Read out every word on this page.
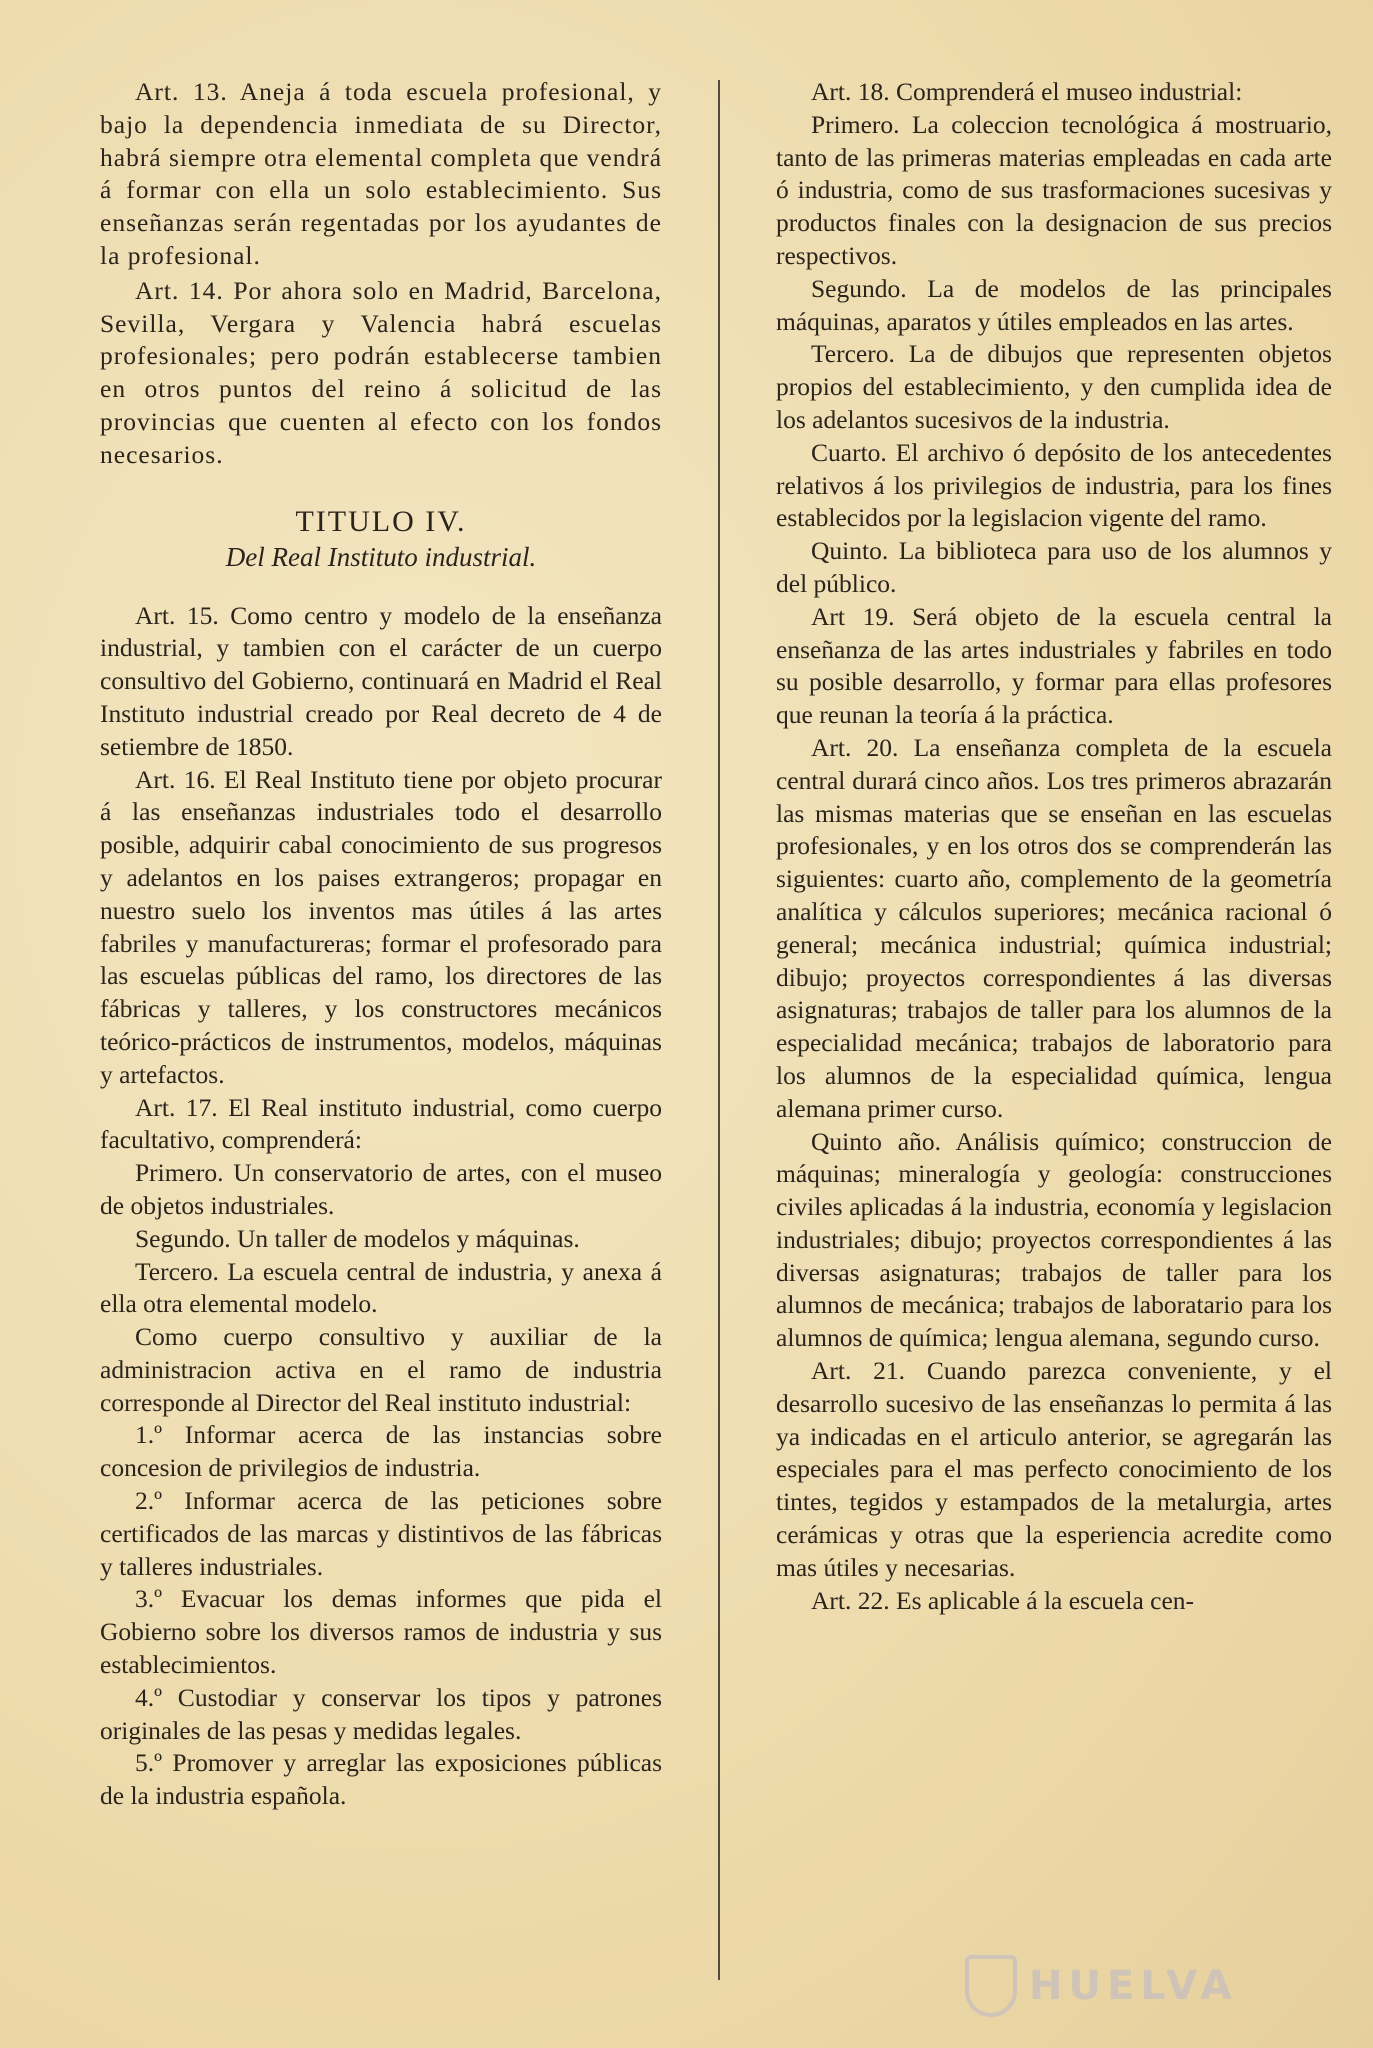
Art. 13. Aneja á toda escuela profesional, y bajo la dependencia inmediata de su Director, habrá siempre otra elemental completa que vendrá á formar con ella un solo establecimiento. Sus enseñanzas serán regentadas por los ayudantes de la profesional.

Art. 14. Por ahora solo en Madrid, Barcelona, Sevilla, Vergara y Valencia habrá escuelas profesionales; pero podrán establecerse tambien en otros puntos del reino á solicitud de las provincias que cuenten al efecto con los fondos necesarios.

TITULO IV.
Del Real Instituto industrial.

Art. 15. Como centro y modelo de la enseñanza industrial, y tambien con el carácter de un cuerpo consultivo del Gobierno, continuará en Madrid el Real Instituto industrial creado por Real decreto de 4 de setiembre de 1850.

Art. 16. El Real Instituto tiene por objeto procurar á las enseñanzas industriales todo el desarrollo posible, adquirir cabal conocimiento de sus progresos y adelantos en los paises extrangeros; propagar en nuestro suelo los inventos mas útiles á las artes fabriles y manufactureras; formar el profesorado para las escuelas públicas del ramo, los directores de las fábricas y talleres, y los constructores mecánicos teórico-prácticos de instrumentos, modelos, máquinas y artefactos.

Art. 17. El Real instituto industrial, como cuerpo facultativo, comprenderá:

Primero. Un conservatorio de artes, con el museo de objetos industriales.

Segundo. Un taller de modelos y máquinas.

Tercero. La escuela central de industria, y anexa á ella otra elemental modelo.

Como cuerpo consultivo y auxiliar de la administracion activa en el ramo de industria corresponde al Director del Real instituto industrial:

1.º Informar acerca de las instancias sobre concesion de privilegios de industria.

2.º Informar acerca de las peticiones sobre certificados de las marcas y distintivos de las fábricas y talleres industriales.

3.º Evacuar los demas informes que pida el Gobierno sobre los diversos ramos de industria y sus establecimientos.

4.º Custodiar y conservar los tipos y patrones originales de las pesas y medidas legales.

5.º Promover y arreglar las exposiciones públicas de la industria española.

Art. 18. Comprenderá el museo industrial:

Primero. La coleccion tecnológica á mostruario, tanto de las primeras materias empleadas en cada arte ó industria, como de sus trasformaciones sucesivas y productos finales con la designacion de sus precios respectivos.

Segundo. La de modelos de las principales máquinas, aparatos y útiles empleados en las artes.

Tercero. La de dibujos que representen objetos propios del establecimiento, y den cumplida idea de los adelantos sucesivos de la industria.

Cuarto. El archivo ó depósito de los antecedentes relativos á los privilegios de industria, para los fines establecidos por la legislacion vigente del ramo.

Quinto. La biblioteca para uso de los alumnos y del público.

Art 19. Será objeto de la escuela central la enseñanza de las artes industriales y fabriles en todo su posible desarrollo, y formar para ellas profesores que reunan la teoría á la práctica.

Art. 20. La enseñanza completa de la escuela central durará cinco años. Los tres primeros abrazarán las mismas materias que se enseñan en las escuelas profesionales, y en los otros dos se comprenderán las siguientes: cuarto año, complemento de la geometría analítica y cálculos superiores; mecánica racional ó general; mecánica industrial; química industrial; dibujo; proyectos correspondientes á las diversas asignaturas; trabajos de taller para los alumnos de la especialidad mecánica; trabajos de laboratorio para los alumnos de la especialidad química, lengua alemana primer curso.

Quinto año. Análisis químico; construccion de máquinas; mineralogía y geología: construcciones civiles aplicadas á la industria, economía y legislacion industriales; dibujo; proyectos correspondientes á las diversas asignaturas; trabajos de taller para los alumnos de mecánica; trabajos de laboratario para los alumnos de química; lengua alemana, segundo curso.

Art. 21. Cuando parezca conveniente, y el desarrollo sucesivo de las enseñanzas lo permita á las ya indicadas en el articulo anterior, se agregarán las especiales para el mas perfecto conocimiento de los tintes, tegidos y estampados de la metalurgia, artes cerámicas y otras que la esperiencia acredite como mas útiles y necesarias.

Art. 22. Es aplicable á la escuela cen-

HUELVA
